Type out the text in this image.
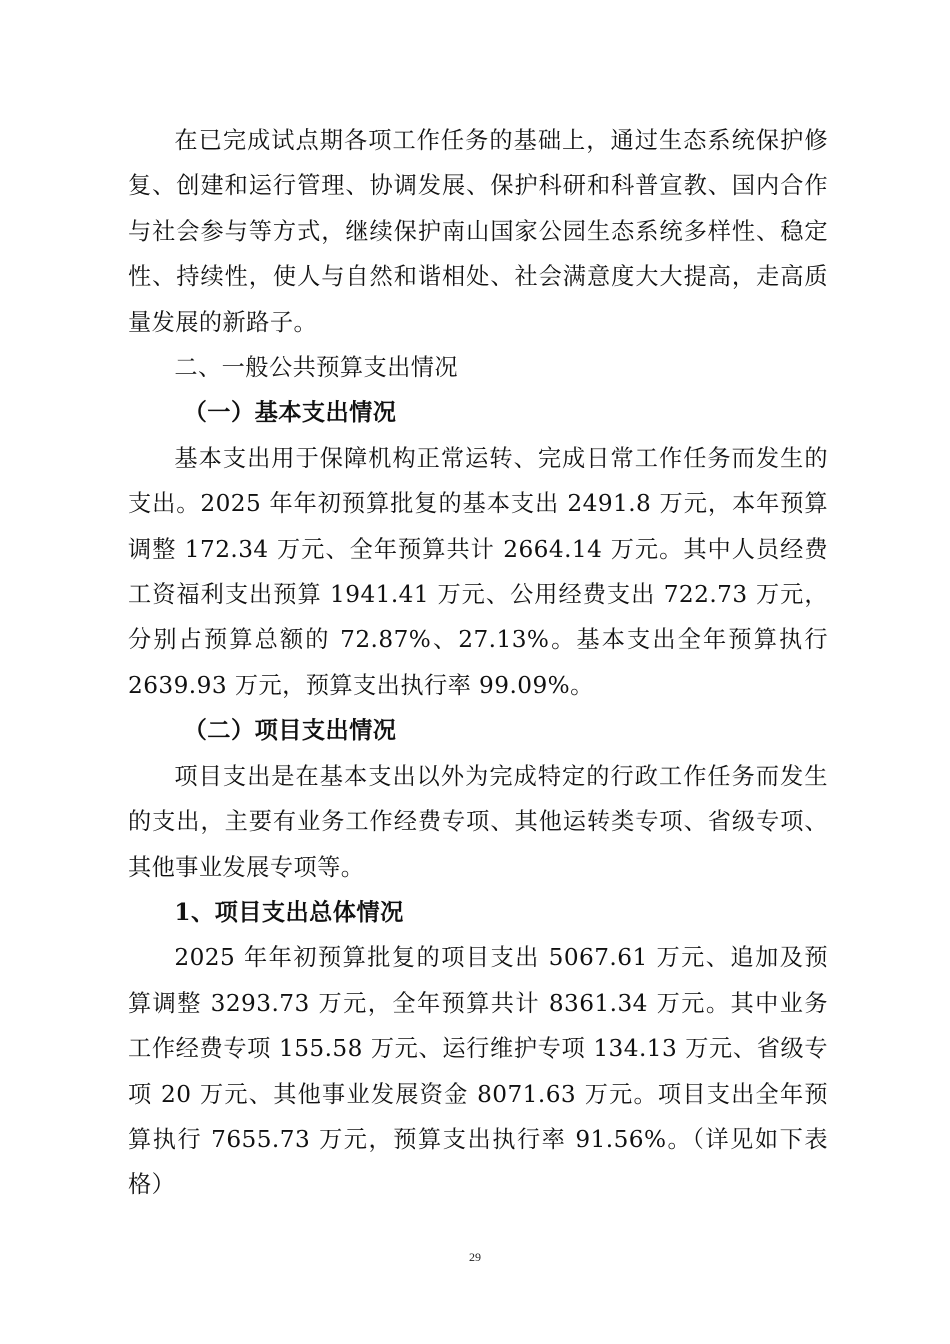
在已完成试点期各项工作任务的基础上，通过生态系统保护修复、创建和运行管理、协调发展、保护科研和科普宣教、国内合作与社会参与等方式，继续保护南山国家公园生态系统多样性、稳定性、持续性，使人与自然和谐相处、社会满意度大大提高，走高质量发展的新路子。

二、一般公共预算支出情况

（一）基本支出情况

基本支出用于保障机构正常运转、完成日常工作任务而发生的支出。2025 年年初预算批复的基本支出 2491.8 万元，本年预算调整 172.34 万元、全年预算共计 2664.14 万元。其中人员经费工资福利支出预算 1941.41 万元、公用经费支出 722.73 万元，分别占预算总额的 72.87%、27.13%。基本支出全年预算执行 2639.93 万元，预算支出执行率 99.09%。

（二）项目支出情况

项目支出是在基本支出以外为完成特定的行政工作任务而发生的支出，主要有业务工作经费专项、其他运转类专项、省级专项、其他事业发展专项等。

1、项目支出总体情况

2025 年年初预算批复的项目支出 5067.61 万元、追加及预算调整 3293.73 万元，全年预算共计 8361.34 万元。其中业务工作经费专项 155.58 万元、运行维护专项 134.13 万元、省级专项 20 万元、其他事业发展资金 8071.63 万元。项目支出全年预算执行 7655.73 万元，预算支出执行率 91.56%。（详见如下表格）

29
